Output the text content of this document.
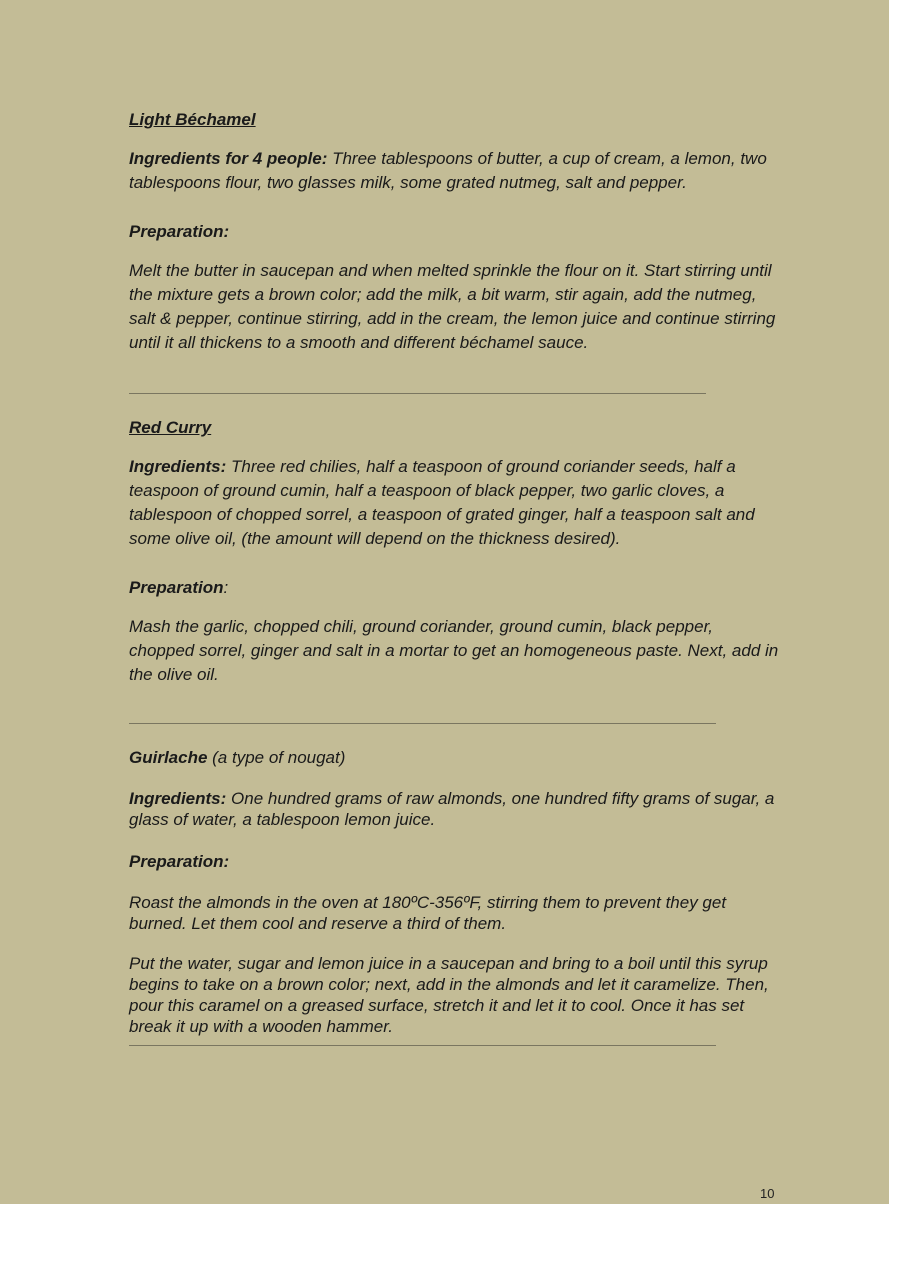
Light Béchamel

Ingredients for 4 people: Three tablespoons of butter, a cup of cream, a lemon, two tablespoons flour, two glasses milk, some grated nutmeg, salt and pepper.

Preparation:

Melt the butter in saucepan and when melted sprinkle the flour on it. Start stirring until the mixture gets a brown color; add the milk, a bit warm, stir again, add the nutmeg, salt & pepper, continue stirring, add in the cream, the lemon juice and continue stirring until it all thickens to a smooth and different béchamel sauce.

Red Curry

Ingredients: Three red chilies, half a teaspoon of ground coriander seeds, half a teaspoon of ground cumin, half a teaspoon of black pepper, two garlic cloves, a tablespoon of chopped sorrel, a teaspoon of grated ginger, half a teaspoon salt and some olive oil, (the amount will depend on the thickness desired).

Preparation:

Mash the garlic, chopped chili, ground coriander, ground cumin, black pepper, chopped sorrel, ginger and salt in a mortar to get an homogeneous paste. Next, add in the olive oil.

Guirlache (a type of nougat)

Ingredients: One hundred grams of raw almonds, one hundred fifty grams of sugar, a glass of water, a tablespoon lemon juice.

Preparation:

Roast the almonds in the oven at 180ºC-356ºF, stirring them to prevent they get burned. Let them cool and reserve a third of them.

Put the water, sugar and lemon juice in a saucepan and bring to a boil until this syrup

begins to take on a brown color; next, add in the almonds and let it caramelize. Then, pour this caramel on a greased surface, stretch it and let it to cool. Once it has set break it up with a wooden hammer.

10
